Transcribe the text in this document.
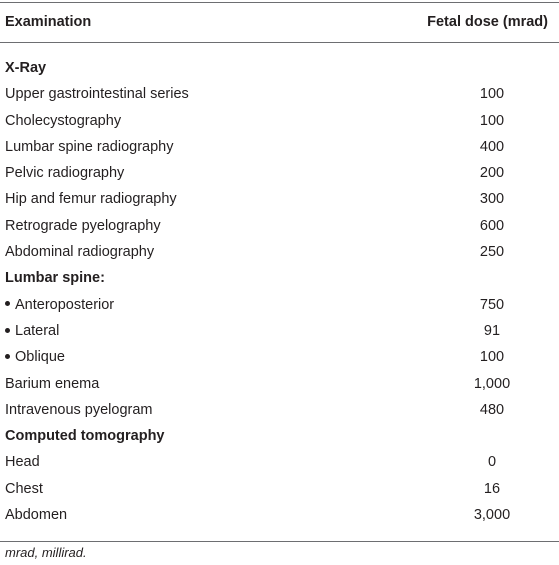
Examination	Fetal dose (mrad)
X-Ray
Upper gastrointestinal series	100
Cholecystography	100
Lumbar spine radiography	400
Pelvic radiography	200
Hip and femur radiography	300
Retrograde pyelography	600
Abdominal radiography	250
Lumbar spine:
Anteroposterior	750
Lateral	91
Oblique	100
Barium enema	1,000
Intravenous pyelogram	480
Computed tomography
Head	0
Chest	16
Abdomen	3,000
mrad, millirad.
